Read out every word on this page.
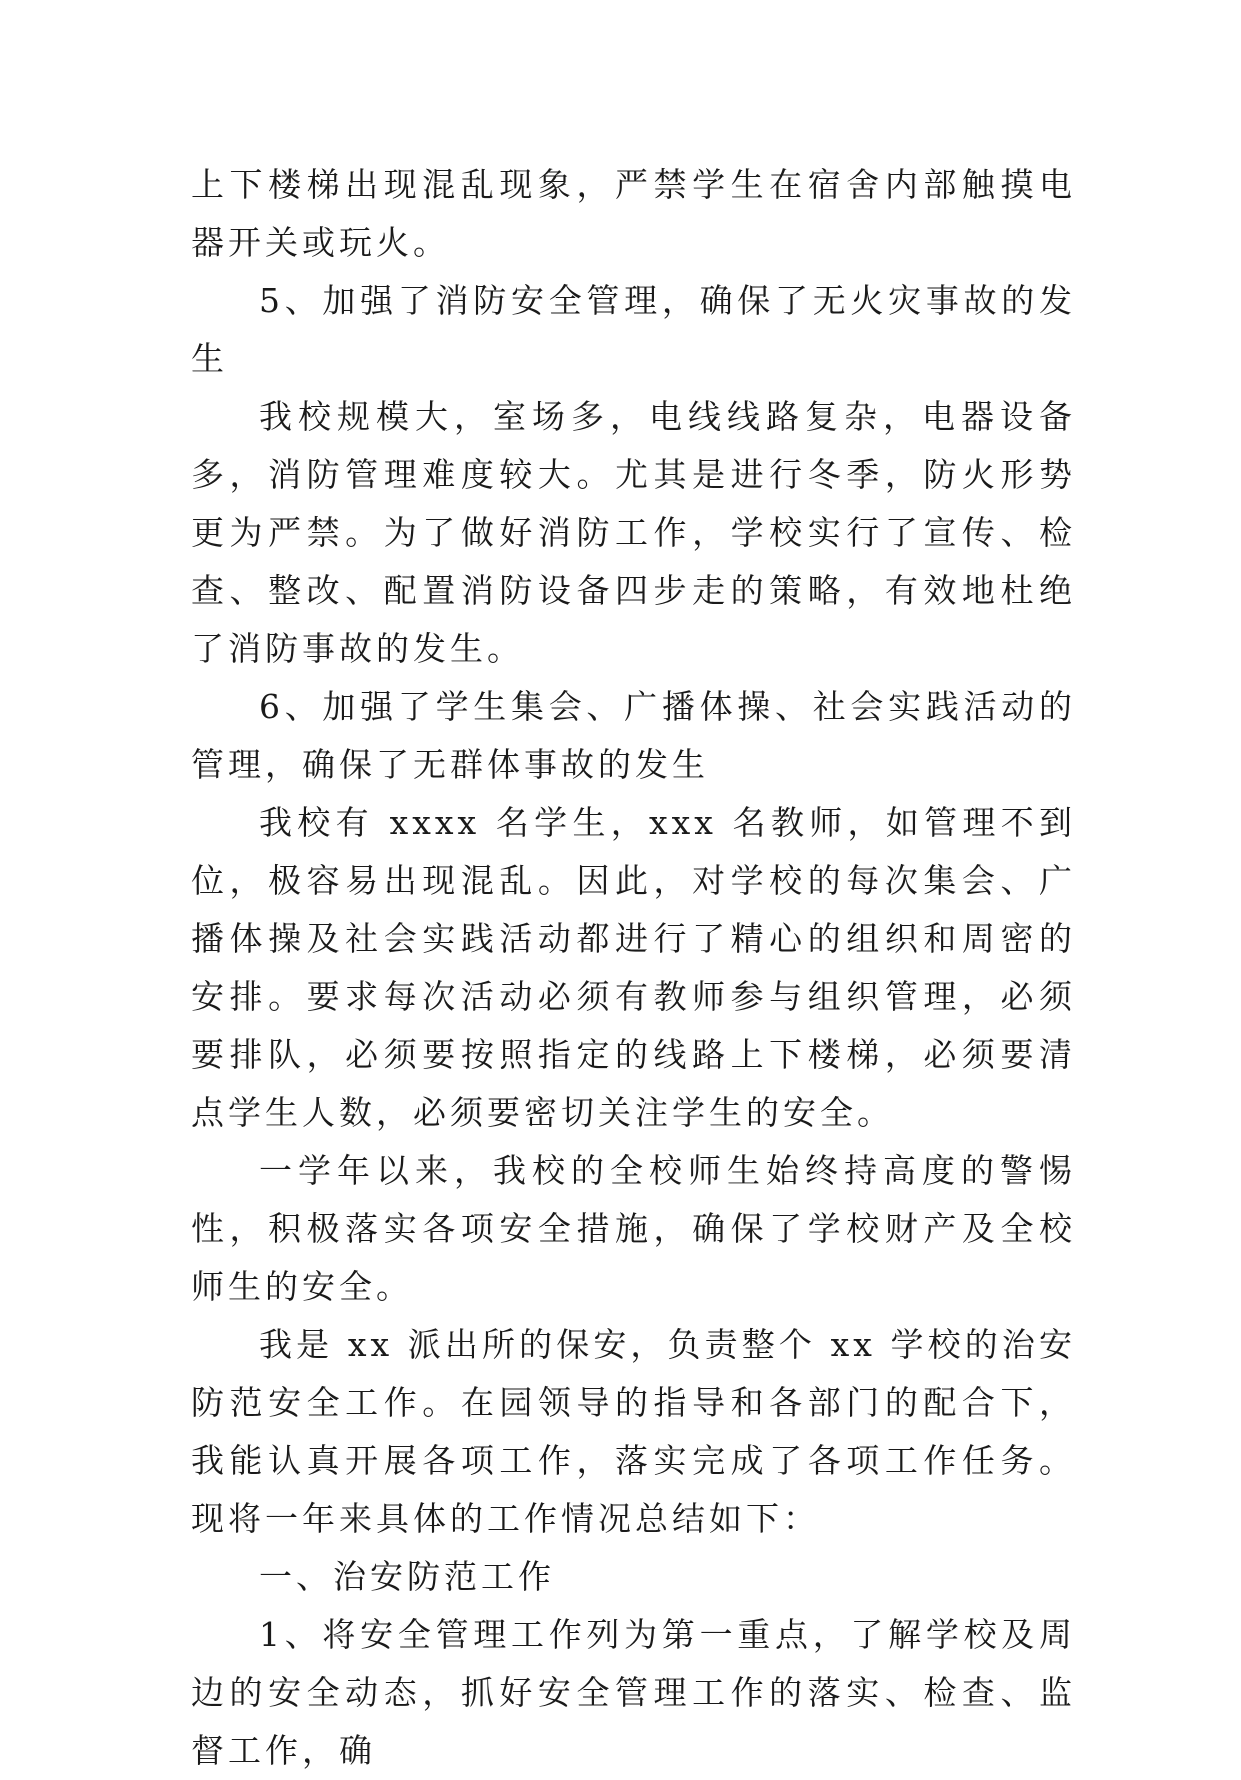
上下楼梯出现混乱现象，严禁学生在宿舍内部触摸电器开关或玩火。

5、加强了消防安全管理，确保了无火灾事故的发生

我校规模大，室场多，电线线路复杂，电器设备多，消防管理难度较大。尤其是进行冬季，防火形势更为严禁。为了做好消防工作，学校实行了宣传、检查、整改、配置消防设备四步走的策略，有效地杜绝了消防事故的发生。

6、加强了学生集会、广播体操、社会实践活动的管理，确保了无群体事故的发生

我校有 xxxx 名学生，xxx 名教师，如管理不到位，极容易出现混乱。因此，对学校的每次集会、广播体操及社会实践活动都进行了精心的组织和周密的安排。要求每次活动必须有教师参与组织管理，必须要排队，必须要按照指定的线路上下楼梯，必须要清点学生人数，必须要密切关注学生的安全。

一学年以来，我校的全校师生始终持高度的警惕性，积极落实各项安全措施，确保了学校财产及全校师生的安全。

我是 xx 派出所的保安，负责整个 xx 学校的治安防范安全工作。在园领导的指导和各部门的配合下，我能认真开展各项工作，落实完成了各项工作任务。现将一年来具体的工作情况总结如下：

一、治安防范工作

1、将安全管理工作列为第一重点，了解学校及周边的安全动态，抓好安全管理工作的落实、检查、监督工作，确
